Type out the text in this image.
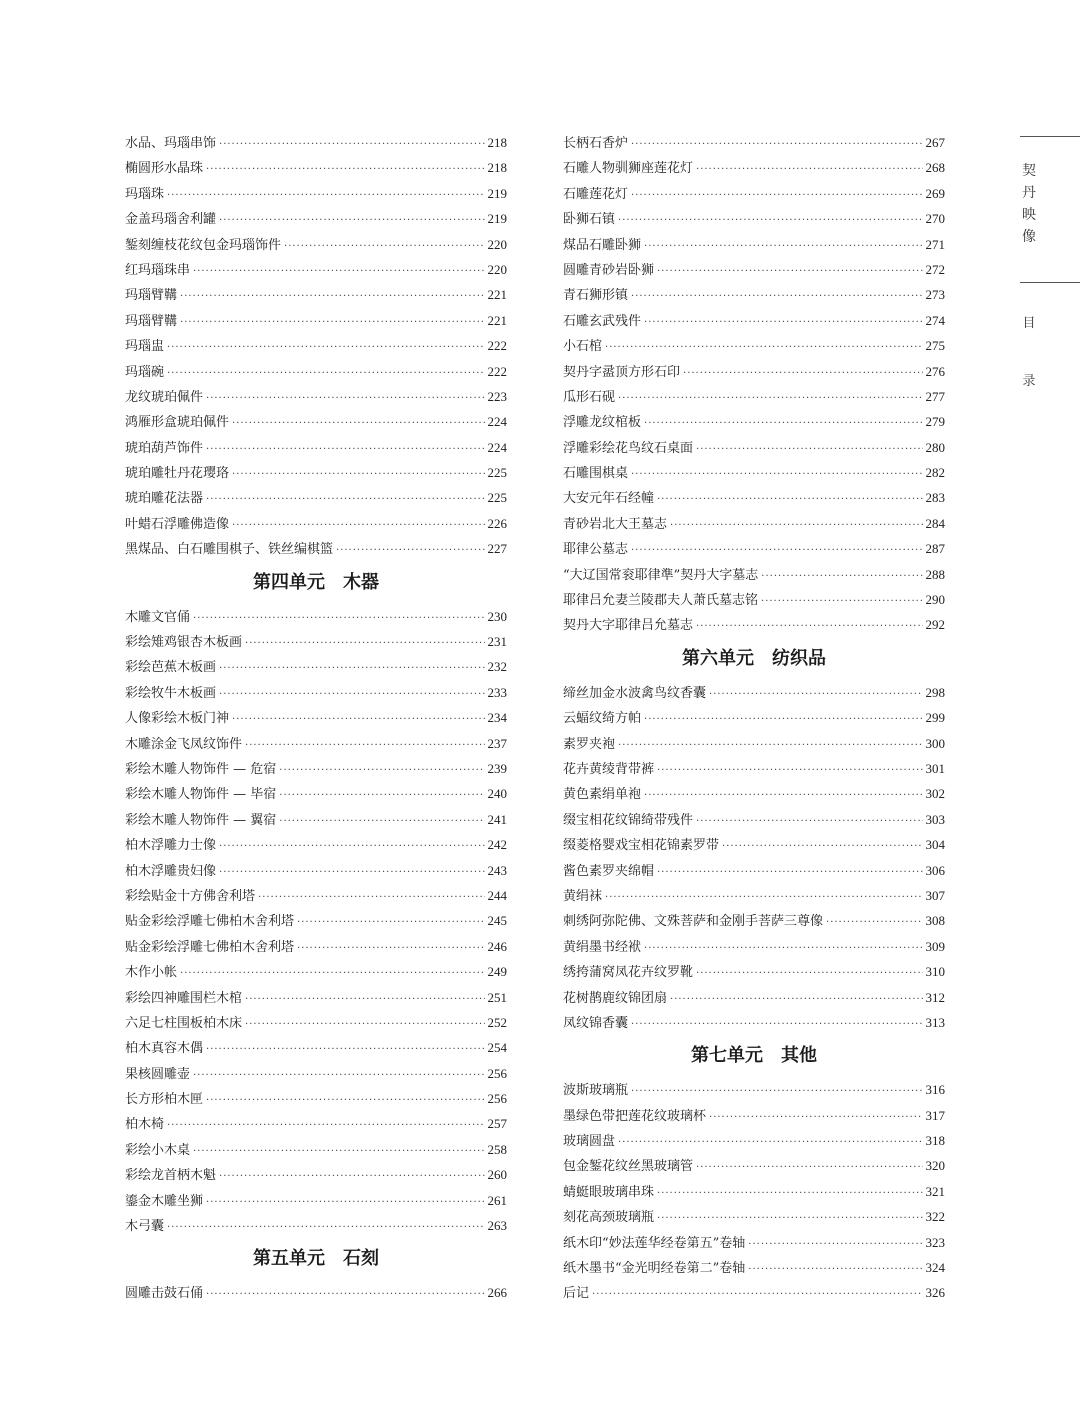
水品、玛瑙串饰 ·····	218
椭圆形水晶珠 ·····	218
玛瑙珠 ·····	219
金盖玛瑙舍利罐 ·····	219
錾刻缠枝花纹包金玛瑙饰件 ·····	220
红玛瑙珠串 ·····	220
玛瑙臂鞲 ·····	221
玛瑙臂鞲 ·····	221
玛瑙盅 ·····	222
玛瑙碗 ·····	222
龙纹琥珀佩件 ·····	223
鸿雁形盒琥珀佩件 ·····	224
琥珀葫芦饰件 ·····	224
琥珀雕牡丹花璎珞 ·····	225
琥珀雕花法器 ·····	225
叶蜡石浮雕佛造像 ·····	226
黑煤品、白石雕围棋子、铁丝编棋篮 ·····	227
第四单元　木器
木雕文官俑 ·····	230
彩绘雉鸡银杏木板画 ·····	231
彩绘芭蕉木板画 ·····	232
彩绘牧牛木板画 ·····	233
人像彩绘木板门神 ·····	234
木雕涂金飞凤纹饰件 ·····	237
彩绘木雕人物饰件 — 危宿 ·····	239
彩绘木雕人物饰件 — 毕宿 ·····	240
彩绘木雕人物饰件 — 翼宿 ·····	241
柏木浮雕力士像 ·····	242
柏木浮雕贵妇像 ·····	243
彩绘贴金十方佛舍利塔 ·····	244
贴金彩绘浮雕七佛柏木舍利塔 ·····	245
贴金彩绘浮雕七佛柏木舍利塔 ·····	246
木作小帐 ·····	249
彩绘四神雕围栏木棺 ·····	251
六足七柱围板柏木床 ·····	252
柏木真容木偶 ·····	254
果核圆雕壶 ·····	256
长方形柏木匣 ·····	256
柏木椅 ·····	257
彩绘小木桌 ·····	258
彩绘龙首柄木魁 ·····	260
鎏金木雕坐狮 ·····	261
木弓囊 ·····	263
第五单元　石刻
圆雕击鼓石俑 ·····	266
长柄石香炉 ·····	267
石雕人物驯狮座莲花灯 ·····	268
石雕莲花灯 ·····	269
卧狮石镇 ·····	270
煤品石雕卧狮 ·····	271
圆雕青砂岩卧狮 ·····	272
青石狮形镇 ·····	273
石雕玄武残件 ·····	274
小石棺 ·····	275
契丹字盝顶方形石印 ·····	276
瓜形石砚 ·····	277
浮雕龙纹棺板 ·····	279
浮雕彩绘花鸟纹石桌面 ·····	280
石雕围棋桌 ·····	282
大安元年石经幢 ·····	283
青砂岩北大王墓志 ·····	284
耶律公墓志 ·····	287
“大辽国常衮耶律準”契丹大字墓志 ·····	288
耶律吕允妻兰陵郡夫人萧氏墓志铭 ·····	290
契丹大字耶律吕允墓志 ·····	292
第六单元　纺织品
缔丝加金水波禽鸟纹香囊 ·····	298
云蝠纹绮方帕 ·····	299
素罗夹袍 ·····	300
花卉黄绫背带裤 ·····	301
黄色素绢单袍 ·····	302
缀宝相花纹锦绮带残件 ·····	303
缀菱格婴戏宝相花锦素罗带 ·····	304
酱色素罗夹绵帽 ·····	306
黄绢袜 ·····	307
刺绣阿弥陀佛、文殊菩萨和金刚手菩萨三尊像 ·····	308
黄绢墨书经袱 ·····	309
绣挎蒲窝凤花卉纹罗靴 ·····	310
花树鹊鹿纹锦团扇 ·····	312
凤纹锦香囊 ·····	313
第七单元　其他
波斯玻璃瓶 ·····	316
墨绿色带把莲花纹玻璃杯 ·····	317
玻璃圆盘 ·····	318
包金錾花纹丝黑玻璃管 ·····	320
蜻蜓眼玻璃串珠 ·····	321
刻花高颈玻璃瓶 ·····	322
纸木印“妙法莲华经卷第五”卷轴 ·····	323
纸木墨书“金光明经卷第二”卷轴 ·····	324
后记 ·····	326
契丹映像
目
录
